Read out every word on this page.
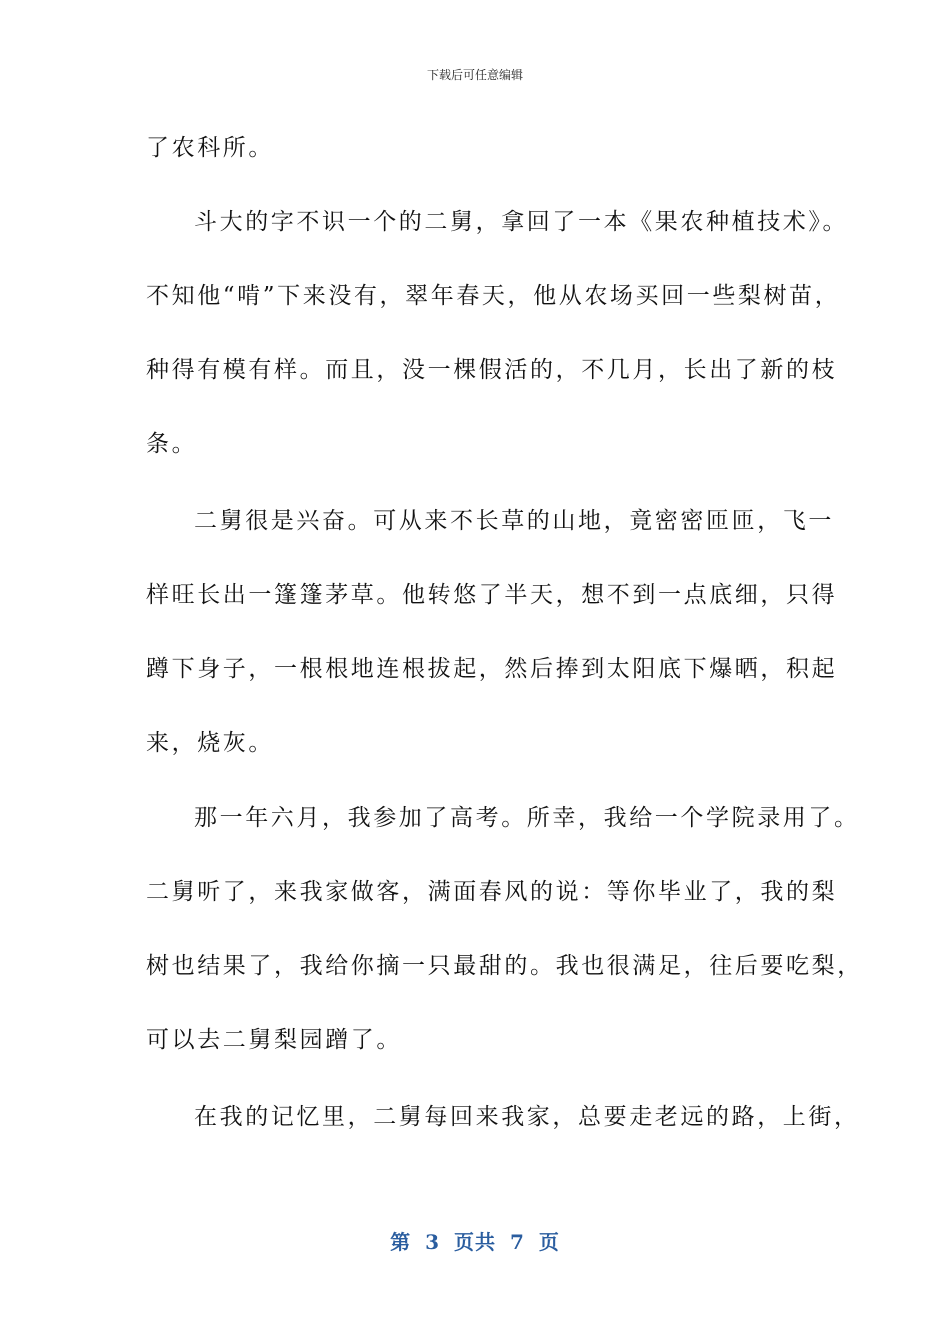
下载后可任意编辑
了农科所。
斗大的字不识一个的二舅，拿回了一本《果农种植技术》。
不知他“啃”下来没有，翠年春天，他从农场买回一些梨树苗，
种得有模有样。而且，没一棵假活的，不几月，长出了新的枝
条。
二舅很是兴奋。可从来不长草的山地，竟密密匝匝，飞一
样旺长出一篷篷茅草。他转悠了半天，想不到一点底细，只得
蹲下身子，一根根地连根拔起，然后捧到太阳底下爆晒，积起
来，烧灰。
那一年六月，我参加了高考。所幸，我给一个学院录用了。
二舅听了，来我家做客，满面春风的说：等你毕业了，我的梨
树也结果了，我给你摘一只最甜的。我也很满足，往后要吃梨，
可以去二舅梨园蹭了。
在我的记忆里，二舅每回来我家，总要走老远的路，上街，
第 3 页共 7 页
